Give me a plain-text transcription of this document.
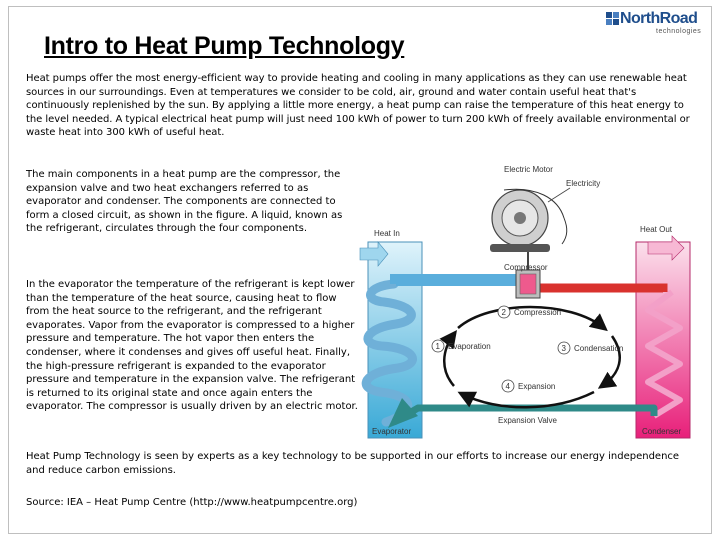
Intro to Heat Pump Technology
NorthRoad
technologies
Heat pumps offer the most energy-efficient way to provide heating and cooling in many applications as they can use renewable heat sources in our surroundings. Even at temperatures we consider to be cold, air, ground and water contain useful heat that's continuously replenished by the sun. By applying a little more energy, a heat pump can raise the temperature of this heat energy to the level needed. A typical electrical heat pump will just need 100 kWh of power to turn 200 kWh of freely available environmental or waste heat into 300 kWh of useful heat.
The main components in a heat pump are the compressor, the expansion valve and two heat exchangers referred to as evaporator and condenser. The components are connected to form a closed circuit, as shown in the figure. A liquid, known as the refrigerant, circulates through the four components.
In the evaporator the temperature of the refrigerant is kept lower than the temperature of the heat source, causing heat to flow from the heat source to the refrigerant, and the refrigerant evaporates. Vapor from the evaporator is compressed to a higher pressure and temperature. The hot vapor then enters the condenser, where it condenses and gives off useful heat. Finally, the high-pressure refrigerant is expanded to the evaporator pressure and temperature in the expansion valve. The refrigerant is returned to its original state and once again enters the evaporator. The compressor is usually driven by an electric motor.
Heat Pump Technology is seen by experts as a key technology to be supported in our efforts to increase our energy independence and reduce carbon emissions.
Source: IEA – Heat Pump Centre (http://www.heatpumpcentre.org)
1
2
3
4
Electric Motor
Electricity
Heat In	Heat Out
Compressor
Compression
Evaporation	Condensation
Expansion
Expansion Valve
Evaporator	Condenser
